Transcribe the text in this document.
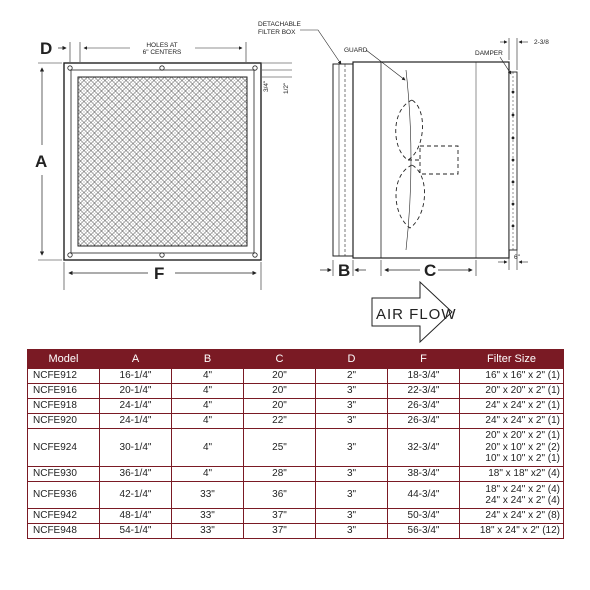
A
F
D	HOLES AT
6" CENTERS
3/4" 1/2"
B	C
6"
DETACHABLE
FILTER BOX
GUARD	DAMPER
2-3/8
AIR FLOW
Model	A	B	C	D	F	Filter Size
NCFE912	16-1/4"	4"	20"	2"	18-3/4"	16" x 16" x 2" (1)

NCFE916	20-1/4"	4"	20"	3"	22-3/4"	20" x 20" x 2" (1)

NCFE918	24-1/4"	4"	20"	3"	26-3/4"	24" x 24" x 2" (1)

NCFE920	24-1/4"	4"	22"	3"	26-3/4"	24" x 24" x 2" (1)

NCFE924	30-1/4"	4"	25"	3"	32-3/4"	20" x 20" x 2" (1)
20" x 10" x 2" (2)
10" x 10" x 2" (1)

NCFE930	36-1/4"	4"	28"	3"	38-3/4"	18" x 18" x2" (4)

NCFE936	42-1/4"	33"	36"	3"	44-3/4"	18" x 24" x 2" (4)
24" x 24" x 2" (4)

NCFE942	48-1/4"	33"	37"	3"	50-3/4"	24" x 24" x 2" (8)

NCFE948	54-1/4"	33"	37"	3"	56-3/4"	18" x 24" x 2" (12)
